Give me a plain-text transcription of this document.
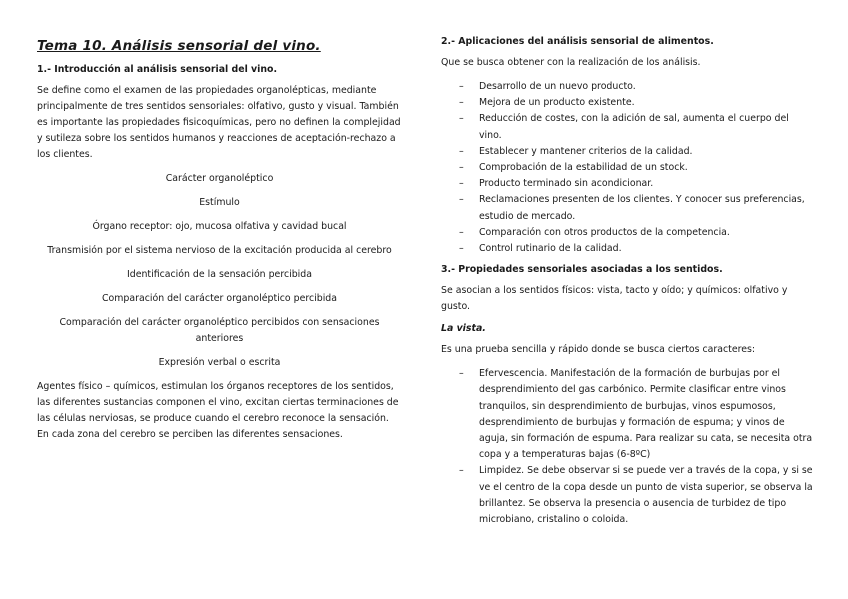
Tema 10. Análisis sensorial del vino.
1.- Introducción al análisis sensorial del vino.

Se define como el examen de las propiedades organolépticas, mediante principalmente de tres sentidos sensoriales: olfativo, gusto y visual. También es importante las propiedades fisicoquímicas, pero no definen la complejidad y sutileza sobre los sentidos humanos y reacciones de aceptación-rechazo a los clientes.

Carácter organoléptico
Estímulo
Órgano receptor: ojo, mucosa olfativa y cavidad bucal
Transmisión por el sistema nervioso de la excitación producida al cerebro
Identificación de la sensación percibida
Comparación del carácter organoléptico percibida
Comparación del carácter organoléptico percibidos con sensaciones anteriores
Expresión verbal o escrita

Agentes físico – químicos, estimulan los órganos receptores de los sentidos, las diferentes sustancias componen el vino, excitan ciertas terminaciones de las células nerviosas, se produce cuando el cerebro reconoce la sensación. En cada zona del cerebro se perciben las diferentes sensaciones.

2.- Aplicaciones del análisis sensorial de alimentos.

Que se busca obtener con la realización de los análisis.

– Desarrollo de un nuevo producto.
– Mejora de un producto existente.
– Reducción de costes, con la adición de sal, aumenta el cuerpo del vino.
– Establecer y mantener criterios de la calidad.
– Comprobación de la estabilidad de un stock.
– Producto terminado sin acondicionar.
– Reclamaciones presenten de los clientes. Y conocer sus preferencias, estudio de mercado.
– Comparación con otros productos de la competencia.
– Control rutinario de la calidad.
3.- Propiedades sensoriales asociadas a los sentidos.

Se asocian a los sentidos físicos: vista, tacto y oído; y químicos: olfativo y gusto.

La vista.

Es una prueba sencilla y rápido donde se busca ciertos caracteres:

– Efervescencia. Manifestación de la formación de burbujas por el desprendimiento del gas carbónico. Permite clasificar entre vinos tranquilos, sin desprendimiento de burbujas, vinos espumosos, desprendimiento de burbujas y formación de espuma; y vinos de aguja, sin formación de espuma. Para realizar su cata, se necesita otra copa y a temperaturas bajas (6-8ºC)
– Limpidez. Se debe observar si se puede ver a través de la copa, y si se ve el centro de la copa desde un punto de vista superior, se observa la brillantez. Se observa la presencia o ausencia de turbidez de tipo microbiano, cristalino o coloida.
